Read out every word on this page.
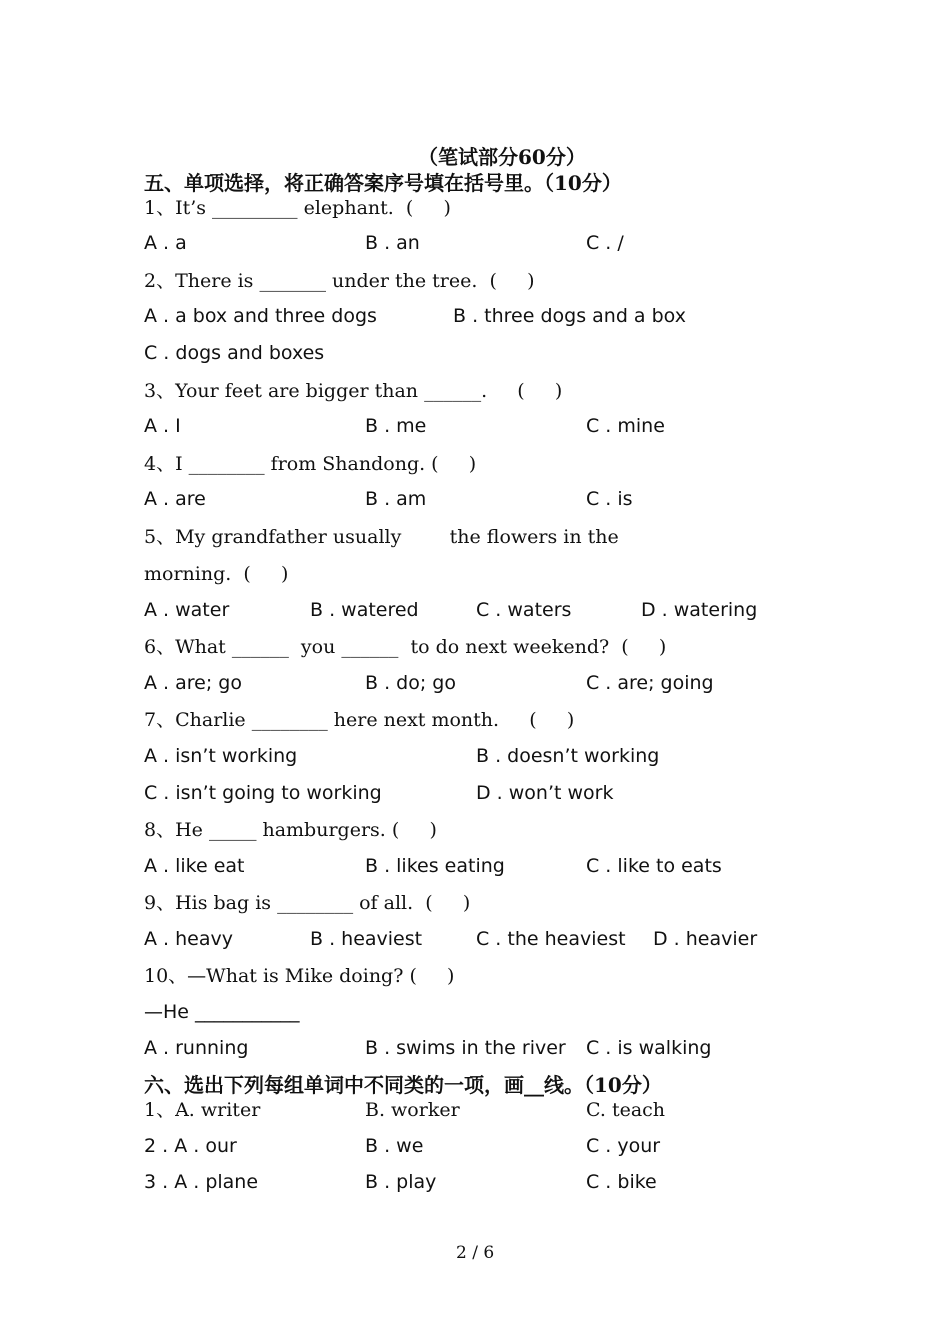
（笔试部分60分）
五、单项选择，将正确答案序号填在括号里。（10分）
1、It’s _________ elephant.  (     )
A . a	B . an	C . /
2、There is _______ under the tree.  (     )
A . a box and three dogs	B . three dogs and a box
C . dogs and boxes
3、Your feet are bigger than ______.     (     )
A . I	B . me	C . mine
4、I ________ from Shandong. (     )
A . are	B . am	C . is
5、My grandfather usually        the flowers in the
morning.  (     )
A . water	B . watered	C . waters	D . watering
6、What ______  you ______  to do next weekend?  (     )
A . are; go	B . do; go	C . are; going
7、Charlie ________ here next month.     (     )
A . isn’t working	B . doesn’t working
C . isn’t going to working	D . won’t work
8、He _____ hamburgers. (     )
A . like eat	B . likes eating	C . like to eats
9、His bag is ________ of all.  (     )
A . heavy	B . heaviest	C . the heaviest D . heavier
10、—What is Mike doing? (     )
—He ___________
A . running	B . swims in the river C . is walking
六、选出下列每组单词中不同类的一项，画__线。（10分）
1、A. writer	B. worker	C. teach
2 . A . our	B . we	C . your
3 . A . plane	B . play	C . bike
2 / 6
